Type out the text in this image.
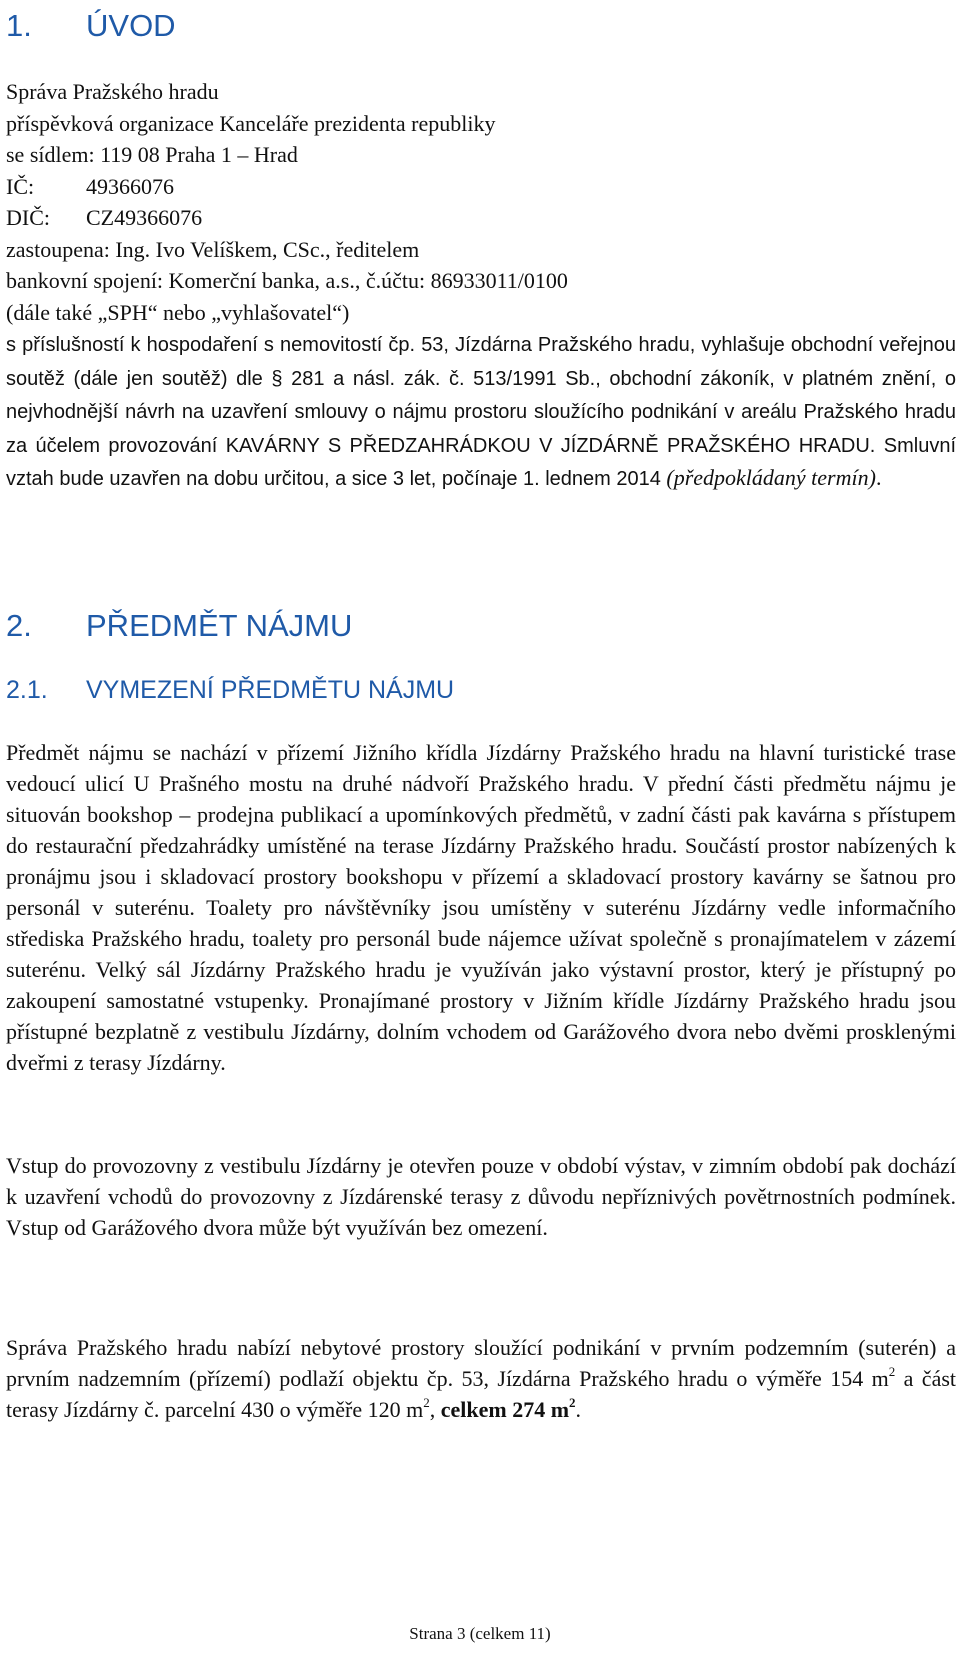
1. ÚVOD
Správa Pražského hradu
příspěvková organizace Kanceláře prezidenta republiky
se sídlem: 119 08 Praha 1 – Hrad
IČ: 49366076
DIČ: CZ49366076
zastoupena: Ing. Ivo Velíškem, CSc., ředitelem
bankovní spojení: Komerční banka, a.s., č.účtu: 86933011/0100
(dále také „SPH“ nebo „vyhlašovatel“)
s příslušností k hospodaření s nemovitostí čp. 53, Jízdárna Pražského hradu, vyhlašuje obchodní veřejnou soutěž (dále jen soutěž) dle § 281 a násl. zák. č. 513/1991 Sb., obchodní zákoník, v platném znění, o nejvhodnější návrh na uzavření smlouvy o nájmu prostoru sloužícího podnikání v areálu Pražského hradu za účelem provozování KAVÁRNY S PŘEDZAHRÁDKOU V JÍZDÁRNĚ PRAŽSKÉHO HRADU. Smluvní vztah bude uzavřen na dobu určitou, a sice 3 let, počínaje 1. lednem 2014 (předpokládaný termín).
2. PŘEDMĚT NÁJMU
2.1. VYMEZENÍ PŘEDMĚTU NÁJMU
Předmět nájmu se nachází v přízemí Jižního křídla Jízdárny Pražského hradu na hlavní turistické trase vedoucí ulicí U Prašného mostu na druhé nádvoří Pražského hradu. V přední části předmětu nájmu je situován bookshop – prodejna publikací a upomínkových předmětů, v zadní části pak kavárna s přístupem do restaurační předzahrádky umístěné na terase Jízdárny Pražského hradu. Součástí prostor nabízených k pronájmu jsou i skladovací prostory bookshopu v přízemí a skladovací prostory kavárny se šatnou pro personál v suterénu. Toalety pro návštěvníky jsou umístěny v suterénu Jízdárny vedle informačního střediska Pražského hradu, toalety pro personál bude nájemce užívat společně s pronajímatelem v zázemí suterénu. Velký sál Jízdárny Pražského hradu je využíván jako výstavní prostor, který je přístupný po zakoupení samostatné vstupenky. Pronajímané prostory v Jižním křídle Jízdárny Pražského hradu jsou přístupné bezplatně z vestibulu Jízdárny, dolním vchodem od Garážového dvora nebo dvěmi prosklenými dveřmi z terasy Jízdárny.
Vstup do provozovny z vestibulu Jízdárny je otevřen pouze v období výstav, v zimním období pak dochází k uzavření vchodů do provozovny z Jízdárenské terasy z důvodu nepříznivých povětrnostních podmínek. Vstup od Garážového dvora může být využíván bez omezení.
Správa Pražského hradu nabízí nebytové prostory sloužící podnikání v prvním podzemním (suterén) a prvním nadzemním (přízemí) podlaží objektu čp. 53, Jízdárna Pražského hradu o výměře 154 $m^2$ a část terasy Jízdárny č. parcelní 430 o výměře 120 $m^2$, celkem 274 $m^2$.
Strana 3 (celkem 11)
